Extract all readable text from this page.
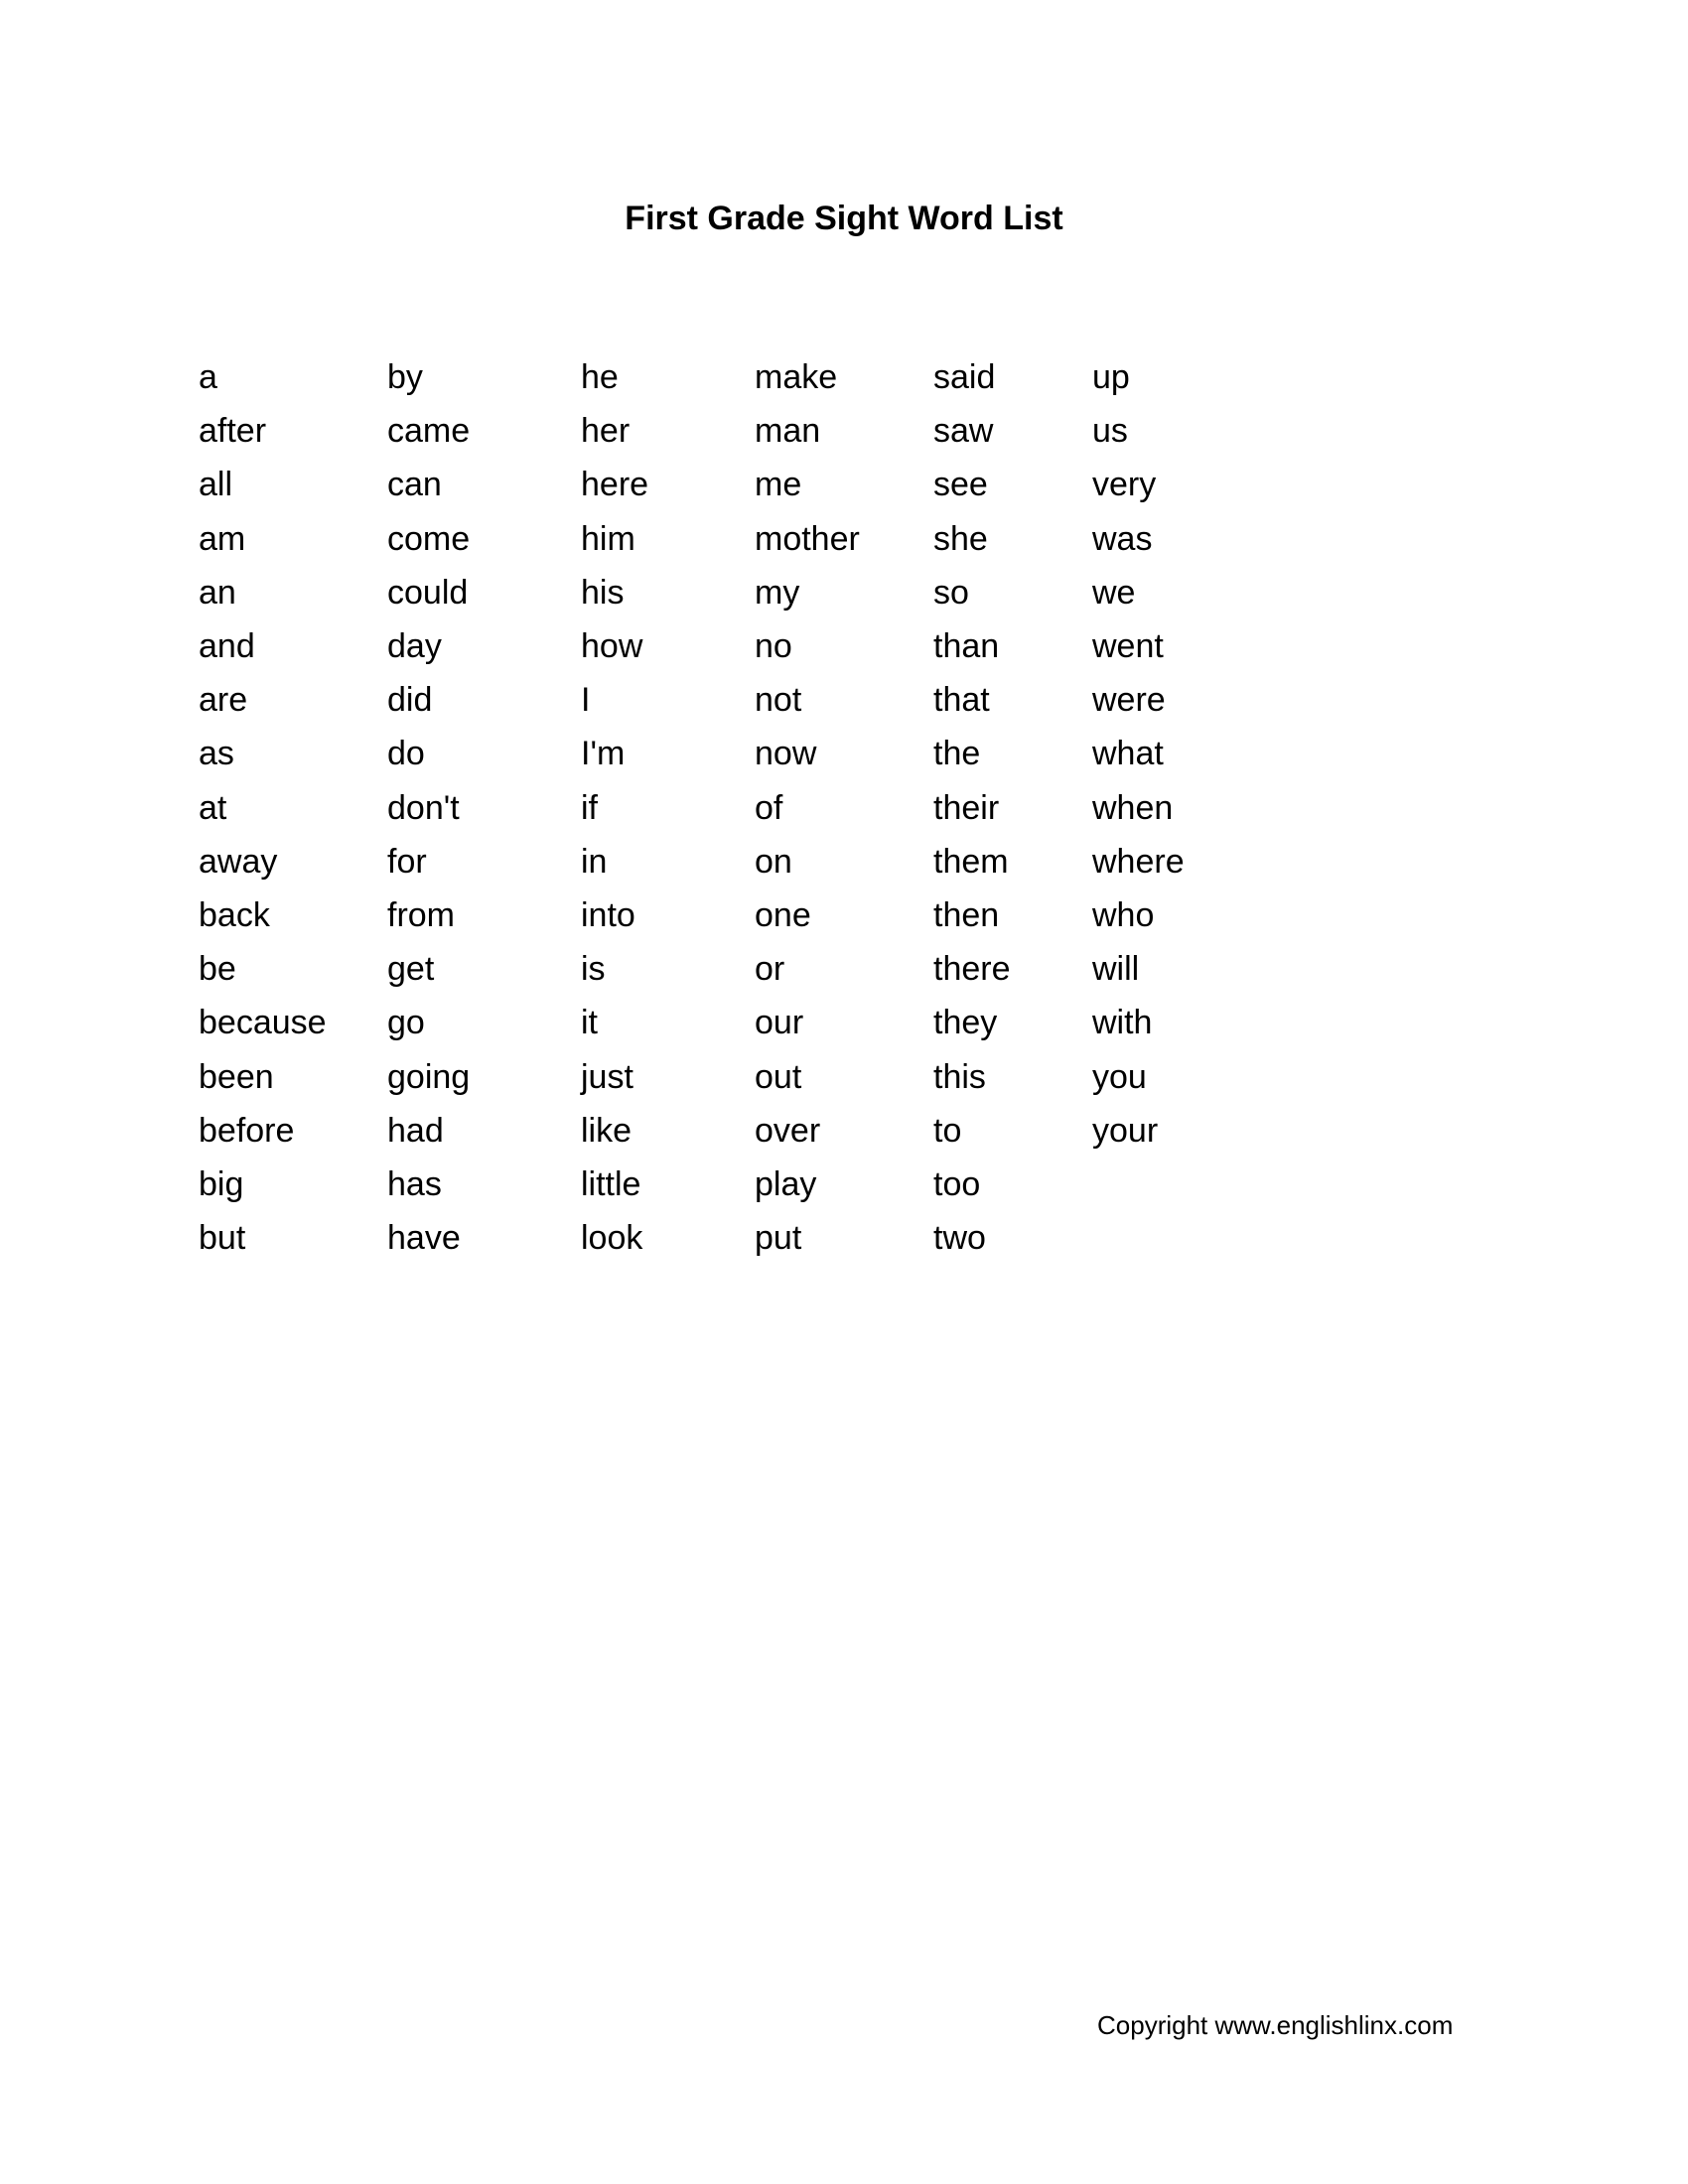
First Grade Sight Word List
a
after
all
am
an
and
are
as
at
away
back
be
because
been
before
big
but
by
came
can
come
could
day
did
do
don't
for
from
get
go
going
had
has
have
he
her
here
him
his
how
I
I'm
if
in
into
is
it
just
like
little
look
make
man
me
mother
my
no
not
now
of
on
one
or
our
out
over
play
put
said
saw
see
she
so
than
that
the
their
them
then
there
they
this
to
too
two
up
us
very
was
we
went
were
what
when
where
who
will
with
you
your
Copyright www.englishlinx.com
